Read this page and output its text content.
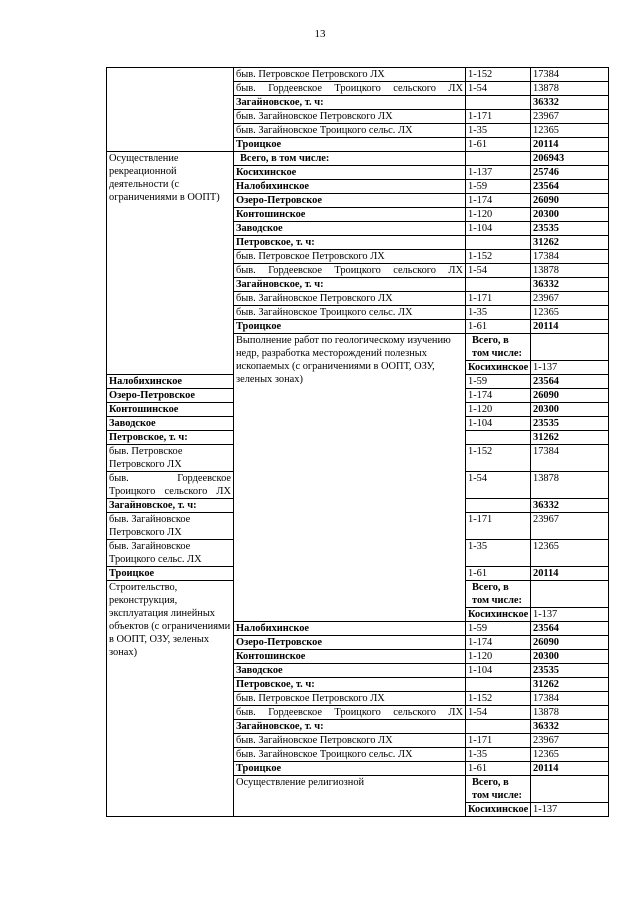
13
	быв. Петровское Петровского ЛХ	1-152	17384	
	быв. Гордеевское Троицкого сельского ЛХ	1-54	13878	
	Загайновское, т. ч:		36332	
	быв. Загайновское Петровского ЛХ	1-171	23967	
	быв. Загайновское Троицкого сельс. ЛХ	1-35	12365	
	Троицкое	1-61	20114	
Осуществление рекреационной деятельности (с ограничениями в ООПТ)	Всего, в том числе:		206943	
	Косихинское	1-137	25746	
	Налобихинское	1-59	23564	
	Озеро-Петровское	1-174	26090	
	Контошинское	1-120	20300	
	Заводское	1-104	23535	
	Петровское, т. ч:		31262	
	быв. Петровское Петровского ЛХ	1-152	17384	
	быв. Гордеевское Троицкого сельского ЛХ	1-54	13878	
	Загайновское, т. ч:		36332	
	быв. Загайновское Петровского ЛХ	1-171	23967	
	быв. Загайновское Троицкого сельс. ЛХ	1-35	12365	
	Троицкое	1-61	20114	
	Выполнение работ по геологическому изучению недр, разработка месторождений полезных ископаемых (с ограничениями в ООПТ, ОЗУ, зеленых зонах)	Всего, в том числе:		
		Косихинское	1-137	
Налобихинское		1-59	23564	
Озеро-Петровское		1-174	26090	
Контошинское		1-120	20300	
Заводское		1-104	23535	
Петровское, т. ч:			31262	
быв. Петровское Петровского ЛХ		1-152	17384	
быв. Гордеевское Троицкого сельского ЛХ		1-54	13878	
Загайновское, т. ч:			36332	
быв. Загайновское Петровского ЛХ		1-171	23967	
быв. Загайновское Троицкого сельс. ЛХ		1-35	12365	
Троицкое		1-61	20114	
Строительство, реконструкция, эксплуатация линейных объектов (с ограничениями в ООПТ, ОЗУ, зеленых зонах)		Всего, в том числе:		
		Косихинское	1-137	
	Налобихинское	1-59	23564	
	Озеро-Петровское	1-174	26090	
	Контошинское	1-120	20300	
	Заводское	1-104	23535	
	Петровское, т. ч:		31262	
	быв. Петровское Петровского ЛХ	1-152	17384	
	быв. Гордеевское Троицкого сельского ЛХ	1-54	13878	
	Загайновское, т. ч:		36332	
	быв. Загайновское Петровского ЛХ	1-171	23967	
	быв. Загайновское Троицкого сельс. ЛХ	1-35	12365	
	Троицкое	1-61	20114	
	Осуществление религиозной	Всего, в том числе:		
		Косихинское	1-137	
